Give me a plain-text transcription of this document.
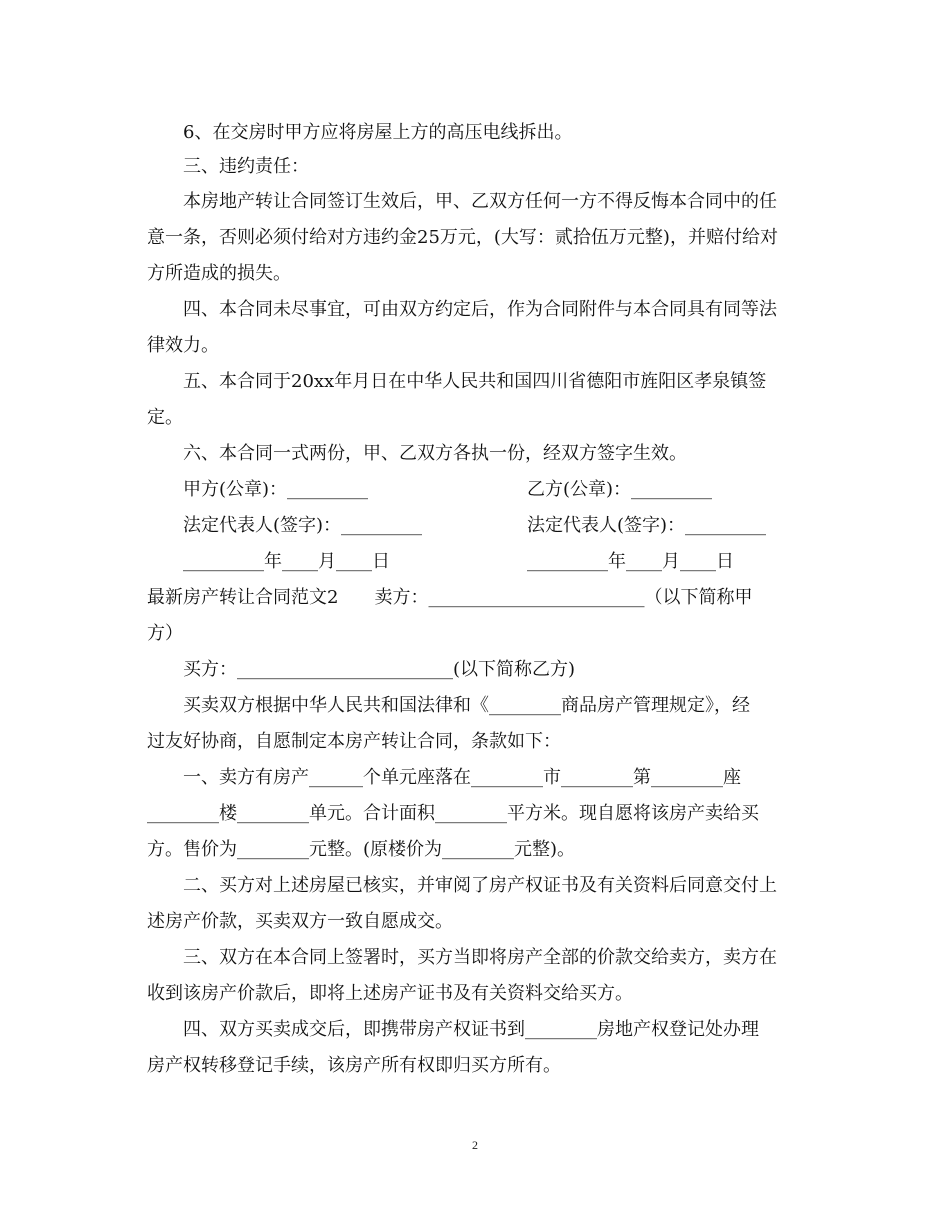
6、在交房时甲方应将房屋上方的高压电线拆出。
三、违约责任：
本房地产转让合同签订生效后，甲、乙双方任何一方不得反悔本合同中的任
意一条，否则必须付给对方违约金25万元，(大写：贰拾伍万元整)，并赔付给对
方所造成的损失。
四、本合同未尽事宜，可由双方约定后，作为合同附件与本合同具有同等法
律效力。
五、本合同于20xx年月日在中华人民共和国四川省德阳市旌阳区孝泉镇签
定。
六、本合同一式两份，甲、乙双方各执一份，经双方签字生效。
甲方(公章)：_________	乙方(公章)：_________
法定代表人(签字)：_________	法定代表人(签字)：_________
_________年____月____日	_________年____月____日
最新房产转让合同范文2　　卖方：________________________（以下简称甲
方）
买方：________________________(以下简称乙方)
买卖双方根据中华人民共和国法律和《________商品房产管理规定》，经
过友好协商，自愿制定本房产转让合同，条款如下：
一、卖方有房产______个单元座落在________市________第________座
________楼________单元。合计面积________平方米。现自愿将该房产卖给买
方。售价为________元整。(原楼价为________元整)。
二、买方对上述房屋已核实，并审阅了房产权证书及有关资料后同意交付上
述房产价款，买卖双方一致自愿成交。
三、双方在本合同上签署时，买方当即将房产全部的价款交给卖方，卖方在
收到该房产价款后，即将上述房产证书及有关资料交给买方。
四、双方买卖成交后，即携带房产权证书到________房地产权登记处办理
房产权转移登记手续，该房产所有权即归买方所有。
2
